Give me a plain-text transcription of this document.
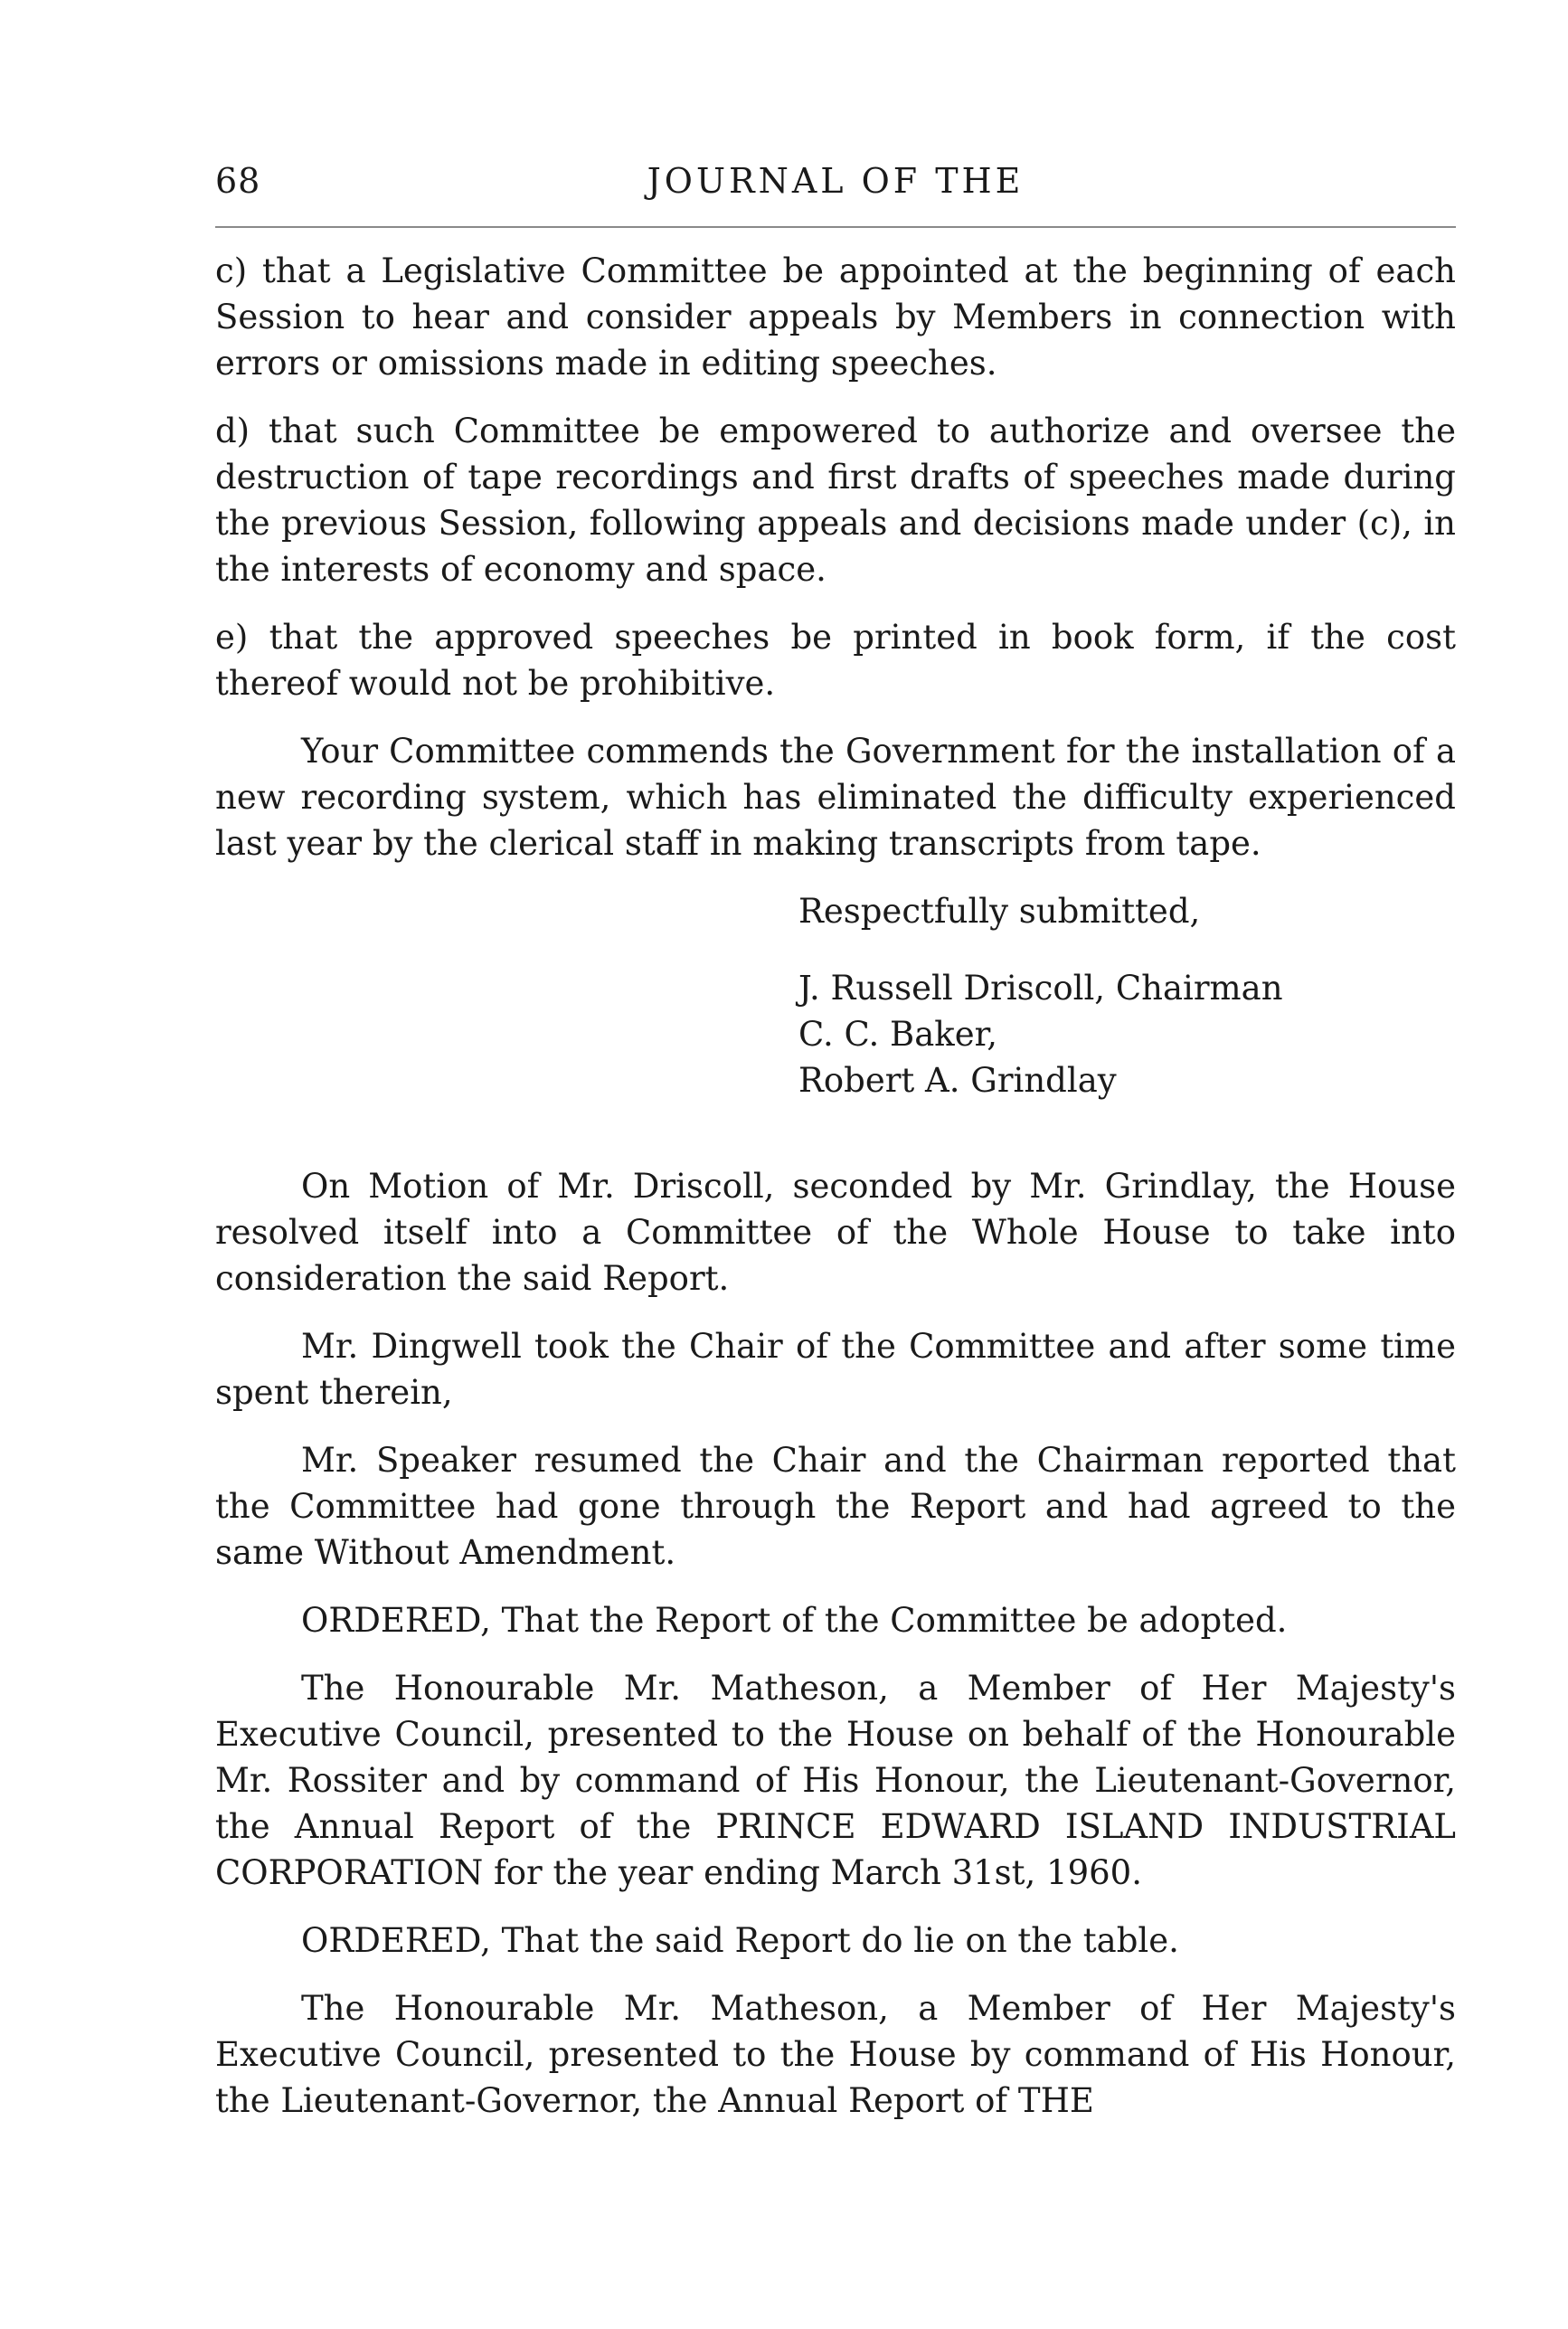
68	JOURNAL OF THE

c) that a Legislative Committee be appointed at the beginning of each Session to hear and consider appeals by Members in connection with errors or omissions made in editing speeches.

d) that such Committee be empowered to authorize and oversee the destruction of tape recordings and first drafts of speeches made during the previous Session, following appeals and decisions made under (c), in the interests of economy and space.

e) that the approved speeches be printed in book form, if the cost thereof would not be prohibitive.

Your Committee commends the Government for the installation of a new recording system, which has eliminated the difficulty experienced last year by the clerical staff in making transcripts from tape.

Respectfully submitted,
J. Russell Driscoll, Chairman
C. C. Baker,
Robert A. Grindlay

On Motion of Mr. Driscoll, seconded by Mr. Grindlay, the House resolved itself into a Committee of the Whole House to take into consideration the said Report.

Mr. Dingwell took the Chair of the Committee and after some time spent therein,

Mr. Speaker resumed the Chair and the Chairman reported that the Committee had gone through the Report and had agreed to the same Without Amendment.

ORDERED, That the Report of the Committee be adopted.

The Honourable Mr. Matheson, a Member of Her Majesty's Executive Council, presented to the House on behalf of the Honourable Mr. Rossiter and by command of His Honour, the Lieutenant-Governor, the Annual Report of the PRINCE EDWARD ISLAND INDUSTRIAL CORPORATION for the year ending March 31st, 1960.

ORDERED, That the said Report do lie on the table.

The Honourable Mr. Matheson, a Member of Her Majesty's Executive Council, presented to the House by command of His Honour, the Lieutenant-Governor, the Annual Report of THE
